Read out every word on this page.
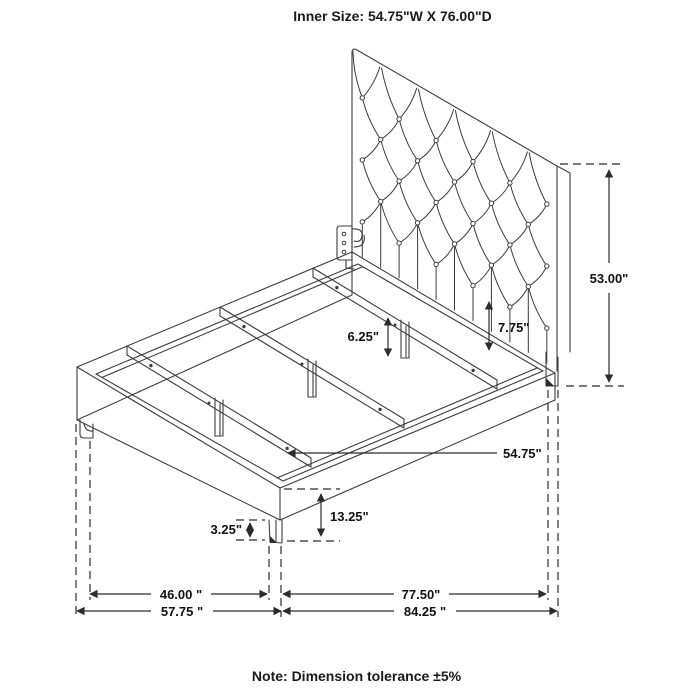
Inner Size: 54.75"W X 76.00"D
53.00"
6.25"
7.75"
54.75"
13.25"
3.25"
46.00 "
57.75 "
77.50"
84.25 "
Note: Dimension tolerance ±5%
